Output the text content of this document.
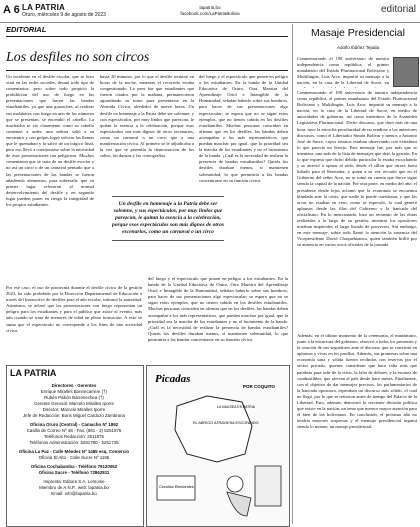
A 6 LA PATRIA
Oruro, miércoles 9 de agosto de 2023
lapatria.bo
facebook.com/LaPatriaBolivia	editorial
EDITORIAL
Los desfiles no son circos
Un incidente en el desfile escolar, que se hizo viral en las redes sociales, desató todo tipo de comentarios, pero sobre todo propició la prohibición del uso de fuego en las presentaciones que hacen las bandas estudiantiles, ya que una guaraches, al realizar sus malabares con fuego en uno de los números que se presentan, se encendió el cabello. La muchacha se vio claramente como su cabello comenzó a arder, una señora salió a su encuentro y con golpes logró sofocar las llamas que le quemaban y la salvó de un trágico final, pero eso llevó a cuestionarse sobre la necesidad de esas presentaciones tan peligrosas. Muchos comentaron que se trata de un desfile escolar y no así un circo o de un carnaval pensado que a las presentaciones de las bandas se fueron añadiendo elementos, para sobresalir, que en primer lugar relevaron al normal desenvolvimiento del desfile y en segundo lugar pueden poner en riesgo la integridad de los propios estudiantes.
Por ese caso, el uso de pirotecnia durante el desfile cívico de la gestión 2023, ha sido prohibido por la Dirección Departamental de Educación a través del Instructivo de desfiles para el año escolar, informó la autoridad. Asimismo, se aclaró que las presentaciones con fuego representan un peligro para los estudiantes y para el público que asiste al evento, más aún cuando se trata de menores de edad en plena formación. A esto se suma que el espectáculo no corresponde a los fines de una actividad cívica.
hasta 20 minutos, por lo que el desfile terminó en horas de la noche, mientras el recorrido estaba congestionado. Lo peor fue que estudiantes que fueron citados por la mañana, permanecieron aguardando su turno para presentarse en la Avenida Cívica, alrededor de nueve horas. Un desfile en homenaje a la Patria debe ser solemne, y con espectáculos, por muy lindos que parezcan, le quitan la esencia a la celebración, porque esos espectáculos son más dignos de otros escenarios, como un carnaval o un circo que a una manifestación cívica. Al primero se le adjudicaba a la vez que se permitía la demostración de los saltos, las danzas y las coreografías.
del fuego y el espectáculo que ponen en peligro a los estudiantes. En la banda de la Unidad Educativa de Oruro, Otra Maestra del Aprendizaje Oriol e Intangible de la Humanidad, señalan haberlo sobre sus hombros, para hacer de sus presentaciones algo espectacular; se espera que no se sigan estos ejemplos, que no tienen cabida en los desfiles estudiantiles. Muchas personas coinciden en afirmar que en los desfiles, las bandas deben acompañar a los más representativos, que puedan marchar por igual, que la prioridad sea la marcha de los estudiantes y no el lucimiento de la banda. ¿Cuál es la necesidad de realizar la presencia de bandas estudiantiles? Quizás los desfiles duraban menos, si mantienen solemnidad, lo que permitiría a las bandas concentrarse en su función cívica.
Un desfile en homenaje a la Patria debe ser solemne, y sus espectáculos, por muy lindos que parezcan, le quitan la esencia a la celebración, porque esos espectáculos son más dignos de otros escenarios, como un carnaval o un circo
del fuego y el espectáculo que ponen en peligro a los estudiantes. En la banda de la Unidad Educativa de Oruro, Otra Maestra del Aprendizaje Oriol e Intangible de la Humanidad, señalan haberlo sobre sus hombros, para hacer de sus presentaciones algo espectacular; se espera que no se sigan estos ejemplos, que no tienen cabida en los desfiles estudiantiles. Muchas personas coinciden en afirmar que en los desfiles, las bandas deben acompañar a los más representativos, que puedan marchar por igual, que la prioridad sea la marcha de los estudiantes y no el lucimiento de la banda. ¿Cuál es la necesidad de realizar la presencia de bandas estudiantiles? Quizás los desfiles duraban menos, si mantienen solemnidad, lo que permitiría a las bandas concentrarse en su función cívica.
Masaje Presidencial
Adolfo Ibáñez Tejada
Conmemorando el 198 aniversario de nuestra independencia como república, el primer mandatario del Estado Plurinacional Boliviano y Multilingüe, Luis Arce, impartió su mensaje a la nación, en la casa de la Libertad de Sucre, en
Conmemorando el 198 aniversario de nuestra independencia como república, el primer mandatario del Estado Plurinacional Boliviano y Multilingüe, Luis Arce, impartió su mensaje a la nación, en la casa de la Libertad de Sucre, en medio de autoridades de gobierno, así como miembros de la Asamblea Legislativa Plurinacional. Dicho discurso, que duró más de una hora, tuvo la estrecha peculiaridad de no rendirse a los anteriores discursos, como el Libertador Simón Bolívar y menos a Antonio José de Sucre, cuyos retratos estaban observando con extrañeza lo que parecía un festejo. Este mensaje fue, por más que se intentara, uno más de la lista de mensajes que dejó la gestión. En lo que expresa que dicho debido particular lo estaba escuchando y se atrevió a opinar al oído, desde el sillón que otrora fuera lidiado para el libertador, y quien a su vez recordó que en el Gobierno del señor Arce, no se tomó en cuenta que Sucre sigue siendo la capital de la nación. Por otra parte, en medio del año, el presidente desde lejos aclamó que la economía se encuentra blindada ante la crisis, que nadie lo puede cuestionar, y que las arcas no estaban en cero, como se especuló, lo cual generó aplausos desde las filas del Gobierno y la bancada del oficialismo. En lo mencionado, hizo un recuento de las obras realizadas a lo largo de su gestión, mientras los opositores miraban impávidos el largo listado de proyectos. Sin embargo, en este mensaje, sobre todo llamó la atención la ausencia del Vicepresidente David Choquehuanca, quien también brilló por su ausencia en varios actos oficiales de la jornada.
Además, en el último momento de la ceremonia, el mandatario, junto a la estructura del gobierno, observó a todos los presentes y la ovación de sus seguidores ante el discurso que se convirtió en aplausos y vivas en los pasillos. Además, sus promesas sobre una economía sana y sólida fueron recibidas con reservas por el sector privado, quienes consideran que hace falta más que palabras para salir de la crisis, la falta de dólares, y la escasez de combustibles, que afectan al país desde hace meses. Finalmente, con el objetivo de dar mensajes precisos, los parlamentarios de la bancada opositora, esperaban un discurso más sólido, el cual no llegó, por lo que se retiraron antes de tiempo del Palacio de la Libertad. Esto, además, demostró la creciente división política que existe en la nación, un tema que merece mayor atención para el bien de los bolivianos. En conclusión, el próximo año no tendría mayores sorpresas y el mensaje presidencial seguirá siendo lo mismo, un masaje presidencial.
LA PATRIA
Directores - Gerentes
Enrique Miralles Bonnecarrere (†)
Rubén Pabón Barrenechea (†)
Gerente General: Marcelo Miralles Iporre
Director: Marcelo Miralles Iporre
Jefe de Redacción: Boris Miguel Cardozo Zambrana
Oficina Oruro (Central) - Camacho Nº 1892
Casilla de Correo Nº 48 - Fax: (591 - 2) 5251876
Teléfonos Redacción: 2511875
Teléfonos Administración: 5281780 - 5251735
Oficina La Paz - Calle Méndez Nº 1485 esq. Comercio
Oficina El Alto - Calle Sucre Nº 1185
Oficina Cochabamba - Teléfono 79120052
Oficina Sucre - Teléfono 72862811
Imprenta: Editora S.A. Lemoine
Miembro de A.N.P., web: lapatria.bo
Email: info@lapatria.bo
Picadas
POR COQUITO
EL ABRIGO ATRAVIESA ESCONDIDO
Circuitos Electorales
LA NAUSEA ES PATRIA
